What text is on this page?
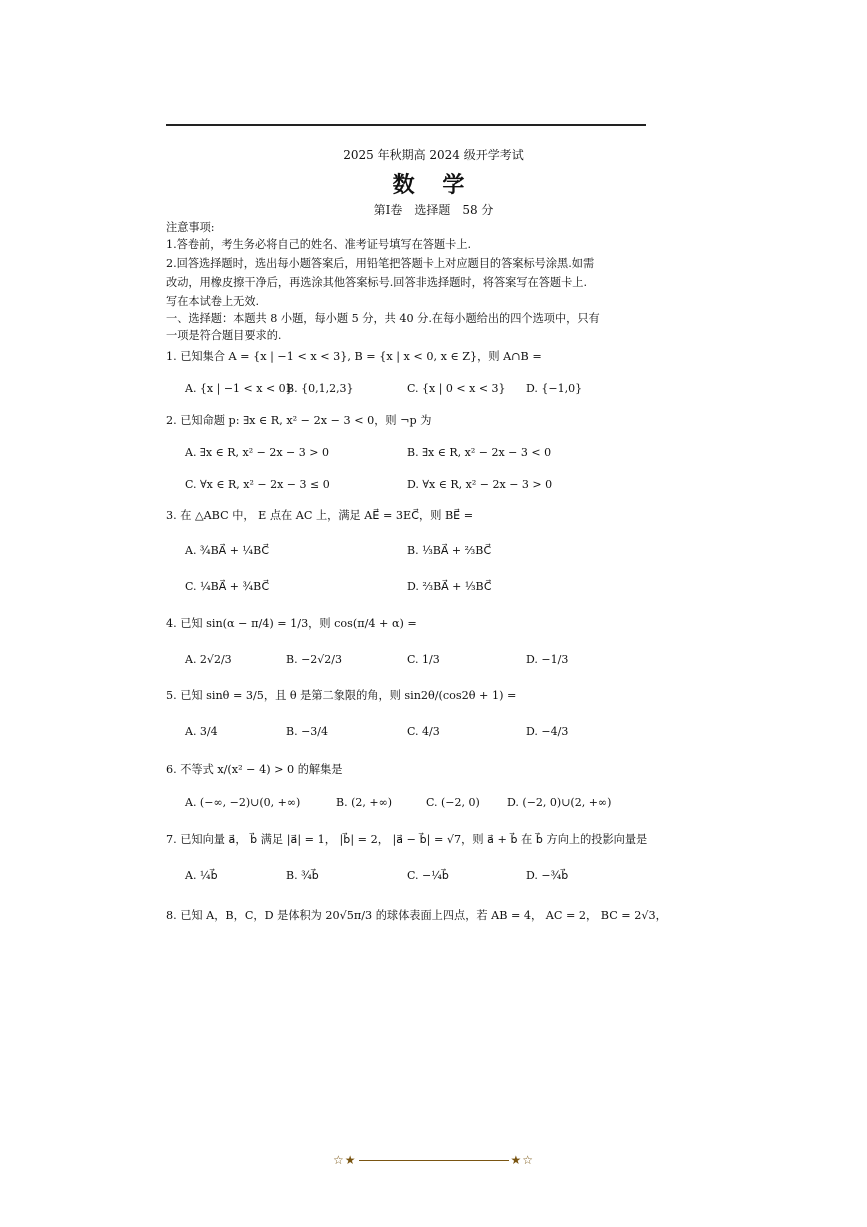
2025 年秋期高 2024 级开学考试
数 学
第Ⅰ卷　选择题　58 分
注意事项:
1.答卷前，考生务必将自己的姓名、准考证号填写在答题卡上.
2.回答选择题时，选出每小题答案后，用铅笔把答题卡上对应题目的答案标号涂黑.如需
改动，用橡皮擦干净后，再选涂其他答案标号.回答非选择题时，将答案写在答题卡上.
写在本试卷上无效.
一、选择题：本题共 8 小题，每小题 5 分，共 40 分.在每小题给出的四个选项中，只有
一项是符合题目要求的.
1. 已知集合 A = {x | −1 < x < 3}, B = {x | x < 0, x ∈ Z}，则 A∩B =
A. {x | −1 < x < 0}
B. {0,1,2,3}	C. {x | 0 < x < 3} D. {−1,0}
2. 已知命题 p: ∃x ∈ R, x² − 2x − 3 < 0，则 ¬p 为
A. ∃x ∈ R, x² − 2x − 3 > 0	B. ∃x ∈ R, x² − 2x − 3 < 0
C. ∀x ∈ R, x² − 2x − 3 ≤ 0	D. ∀x ∈ R, x² − 2x − 3 > 0
3. 在 △ABC 中， E 点在 AC 上，满足 AE⃗ = 3EC⃗，则 BE⃗ =
A. ¾BA⃗ + ¼BC⃗	B. ⅓BA⃗ + ⅔BC⃗
C. ¼BA⃗ + ¾BC⃗	D. ⅔BA⃗ + ⅓BC⃗
4. 已知 sin(α − π/4) = 1/3，则 cos(π/4 + α) =
A. 2√2/3	B. −2√2/3	C. 1/3	D. −1/3
5. 已知 sinθ = 3/5，且 θ 是第二象限的角，则 sin2θ/(cos2θ + 1) =
A. 3/4	B. −3/4	C. 4/3	D. −4/3
6. 不等式 x/(x² − 4) > 0 的解集是
A. (−∞, −2)∪(0, +∞)	B. (2, +∞)	C. (−2, 0) D. (−2, 0)∪(2, +∞)
7. 已知向量 a⃗， b⃗ 满足 |a⃗| = 1， |b⃗| = 2， |a⃗ − b⃗| = √7，则 a⃗ + b⃗ 在 b⃗ 方向上的投影向量是
A. ¼b⃗	B. ¾b⃗	C. −¼b⃗	D. −¾b⃗
8. 已知 A，B，C，D 是体积为 20√5π/3 的球体表面上四点，若 AB = 4， AC = 2， BC = 2√3，
☆★	★☆
